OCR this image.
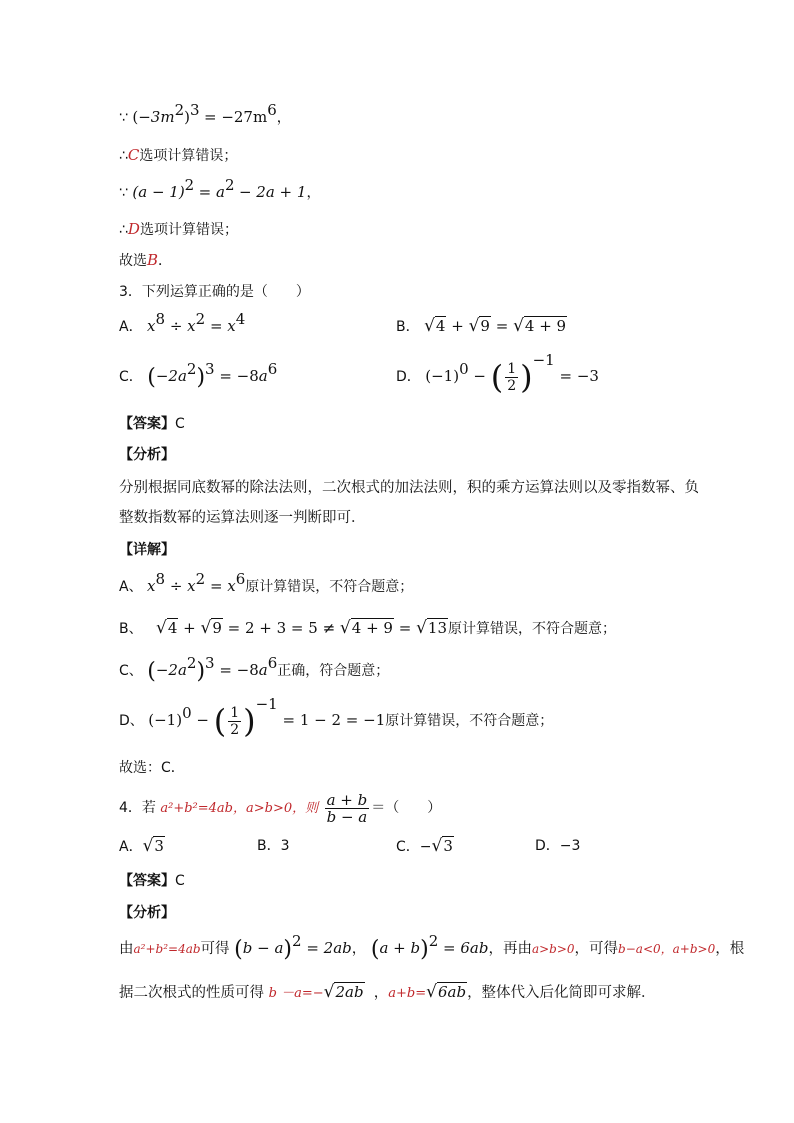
∵ $(-3m^2)^3 = -27m^6$，
∴C选项计算错误；
∵ $(a - 1)^2 = a^2 - 2a + 1$，
∴D选项计算错误；
故选B．
3．下列运算正确的是（　　）
A． $x^8 \div x^2 = x^4$	B． √4 + √9 = √4 + 9
C． $(-2a^2)^3 = -8a^6$	D． $(-1)^0$ − ( $\frac{1}{2} )^{-1} = -3$
【答案】C
【分析】
分别根据同底数幂的除法法则，二次根式的加法法则，积的乘方运算法则以及零指数幂、负
整数指数幂的运算法则逐一判断即可．
【详解】
A、 $x^8 \div x^2 = x^6$原计算错误，不符合题意；
B、 √4 + √9 = 2 + 3 = 5 ≠ √4 + 9 = √13原计算错误，不符合题意；
C、 $(-2a^2)^3 = -8a^6$正确，符合题意；
D、 $(-1)^0$ − ( $\frac{1}{2} )^{-1} = 1 - 2 = -1$原计算错误，不符合题意；
故选：C．
4．若 a²+b²=4ab，a>b>0，则 $\frac{a + b}{b - a}$ ＝（　　）
A．√3	B．3	C．−√3	D．−3
【答案】C
【分析】
由a²+b²=4ab可得 $(b - a)^2 = 2ab$， $(a + b)^2 = 6ab$，再由a>b>0，可得b−a<0，a+b>0，根
据二次根式的性质可得 b －a=−√2ab  ，a+b=√6ab，整体代入后化简即可求解．
